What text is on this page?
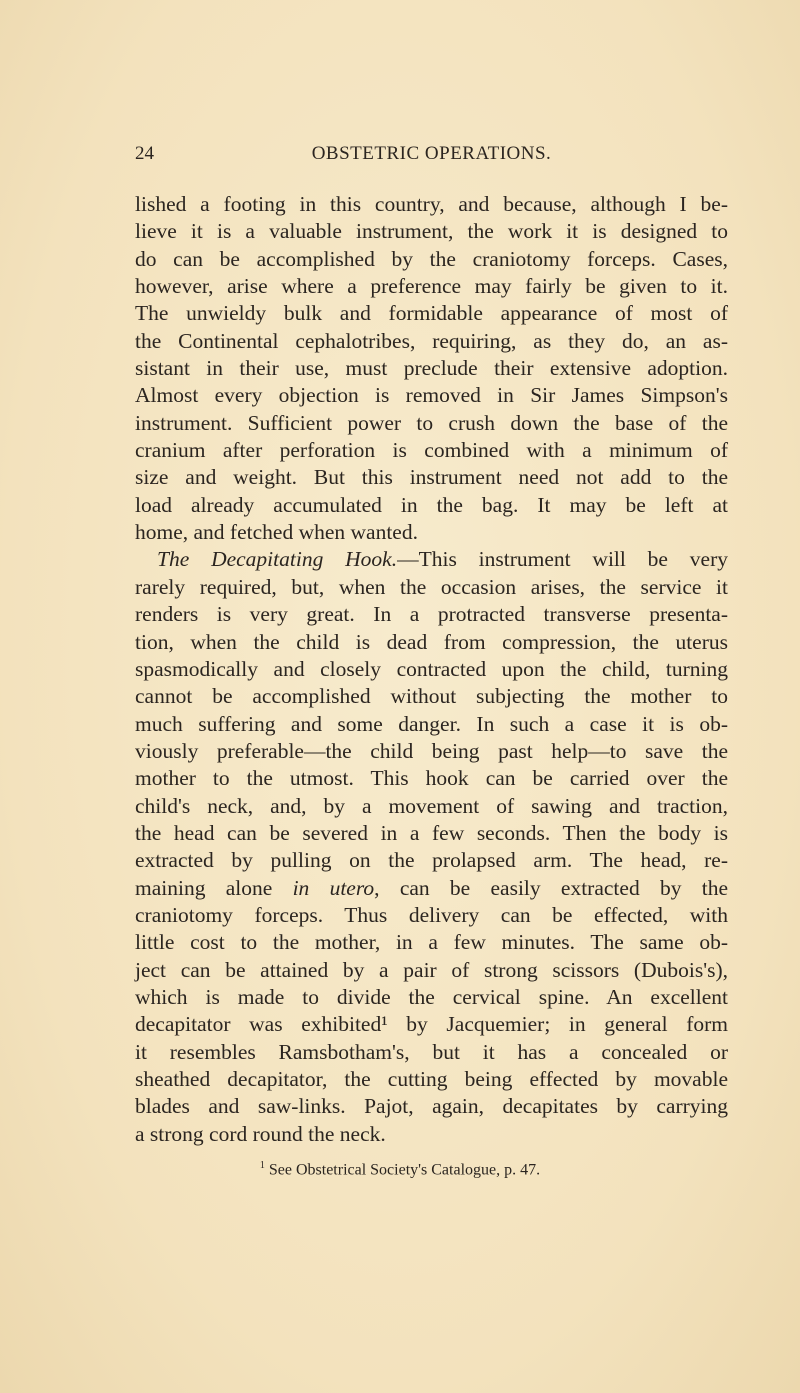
24	OBSTETRIC OPERATIONS.
lished a footing in this country, and because, although I be-
lieve it is a valuable instrument, the work it is designed to
do can be accomplished by the craniotomy forceps. Cases,
however, arise where a preference may fairly be given to it.
The unwieldy bulk and formidable appearance of most of
the Continental cephalotribes, requiring, as they do, an as-
sistant in their use, must preclude their extensive adoption.
Almost every objection is removed in Sir James Simpson's
instrument. Sufficient power to crush down the base of the
cranium after perforation is combined with a minimum of
size and weight. But this instrument need not add to the
load already accumulated in the bag. It may be left at
home, and fetched when wanted.
The Decapitating Hook.—This instrument will be very
rarely required, but, when the occasion arises, the service it
renders is very great. In a protracted transverse presenta-
tion, when the child is dead from compression, the uterus
spasmodically and closely contracted upon the child, turning
cannot be accomplished without subjecting the mother to
much suffering and some danger. In such a case it is ob-
viously preferable—the child being past help—to save the
mother to the utmost. This hook can be carried over the
child's neck, and, by a movement of sawing and traction,
the head can be severed in a few seconds. Then the body is
extracted by pulling on the prolapsed arm. The head, re-
maining alone in utero, can be easily extracted by the
craniotomy forceps. Thus delivery can be effected, with
little cost to the mother, in a few minutes. The same ob-
ject can be attained by a pair of strong scissors (Dubois's),
which is made to divide the cervical spine. An excellent
decapitator was exhibited¹ by Jacquemier; in general form
it resembles Ramsbotham's, but it has a concealed or
sheathed decapitator, the cutting being effected by movable
blades and saw-links. Pajot, again, decapitates by carrying
a strong cord round the neck.
$^1$ See Obstetrical Society's Catalogue, p. 47.
